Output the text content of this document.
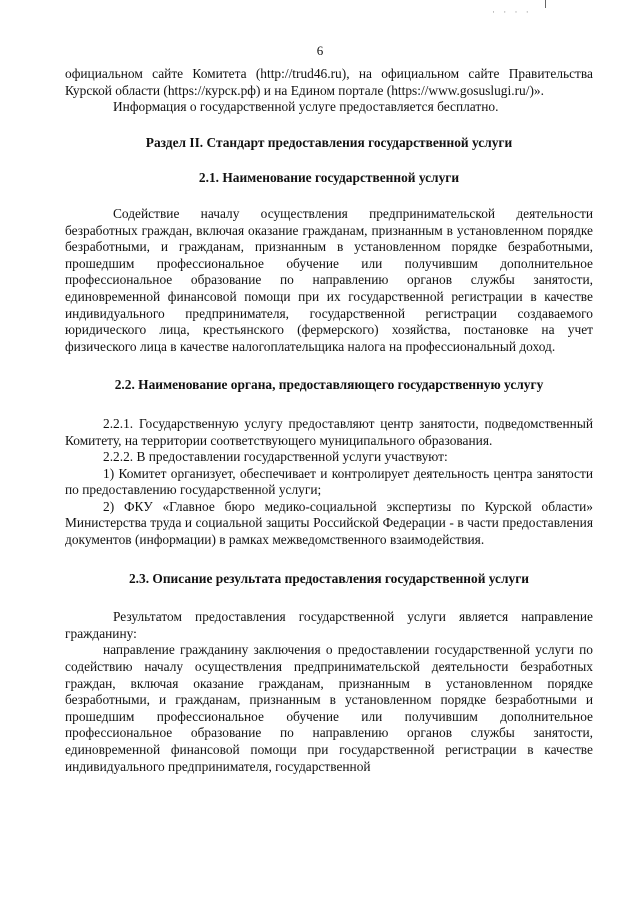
· · · ·
6

официальном сайте Комитета (http://trud46.ru), на официальном сайте Правительства Курской области (https://курск.рф) и на Едином портале (https://www.gosuslugi.ru/)».

Информация о государственной услуге предоставляется бесплатно.

Раздел II. Стандарт предоставления государственной услуги
2.1. Наименование государственной услуги

Содействие началу осуществления предпринимательской деятельности безработных граждан, включая оказание гражданам, признанным в установленном порядке безработными, и гражданам, признанным в установленном порядке безработными, прошедшим профессиональное обучение или получившим дополнительное профессиональное образование по направлению органов службы занятости, единовременной финансовой помощи при их государственной регистрации в качестве индивидуального предпринимателя, государственной регистрации создаваемого юридического лица, крестьянского (фермерского) хозяйства, постановке на учет физического лица в качестве налогоплательщика налога на профессиональный доход.

2.2. Наименование органа, предоставляющего государственную услугу

2.2.1. Государственную услугу предоставляют центр занятости, подведомственный Комитету, на территории соответствующего муниципального образования.

2.2.2. В предоставлении государственной услуги участвуют:

1) Комитет организует, обеспечивает и контролирует деятельность центра занятости по предоставлению государственной услуги;

2) ФКУ «Главное бюро медико-социальной экспертизы по Курской области» Министерства труда и социальной защиты Российской Федерации - в части предоставления документов (информации) в рамках межведомственного взаимодействия.

2.3. Описание результата предоставления государственной услуги

Результатом предоставления государственной услуги является направление гражданину:

направление гражданину заключения о предоставлении государственной услуги по содействию началу осуществления предпринимательской деятельности безработных граждан, включая оказание гражданам, признанным в установленном порядке безработными, и гражданам, признанным в установленном порядке безработными и прошедшим профессиональное обучение или получившим дополнительное профессиональное образование по направлению органов службы занятости, единовременной финансовой помощи при государственной регистрации в качестве индивидуального предпринимателя, государственной
